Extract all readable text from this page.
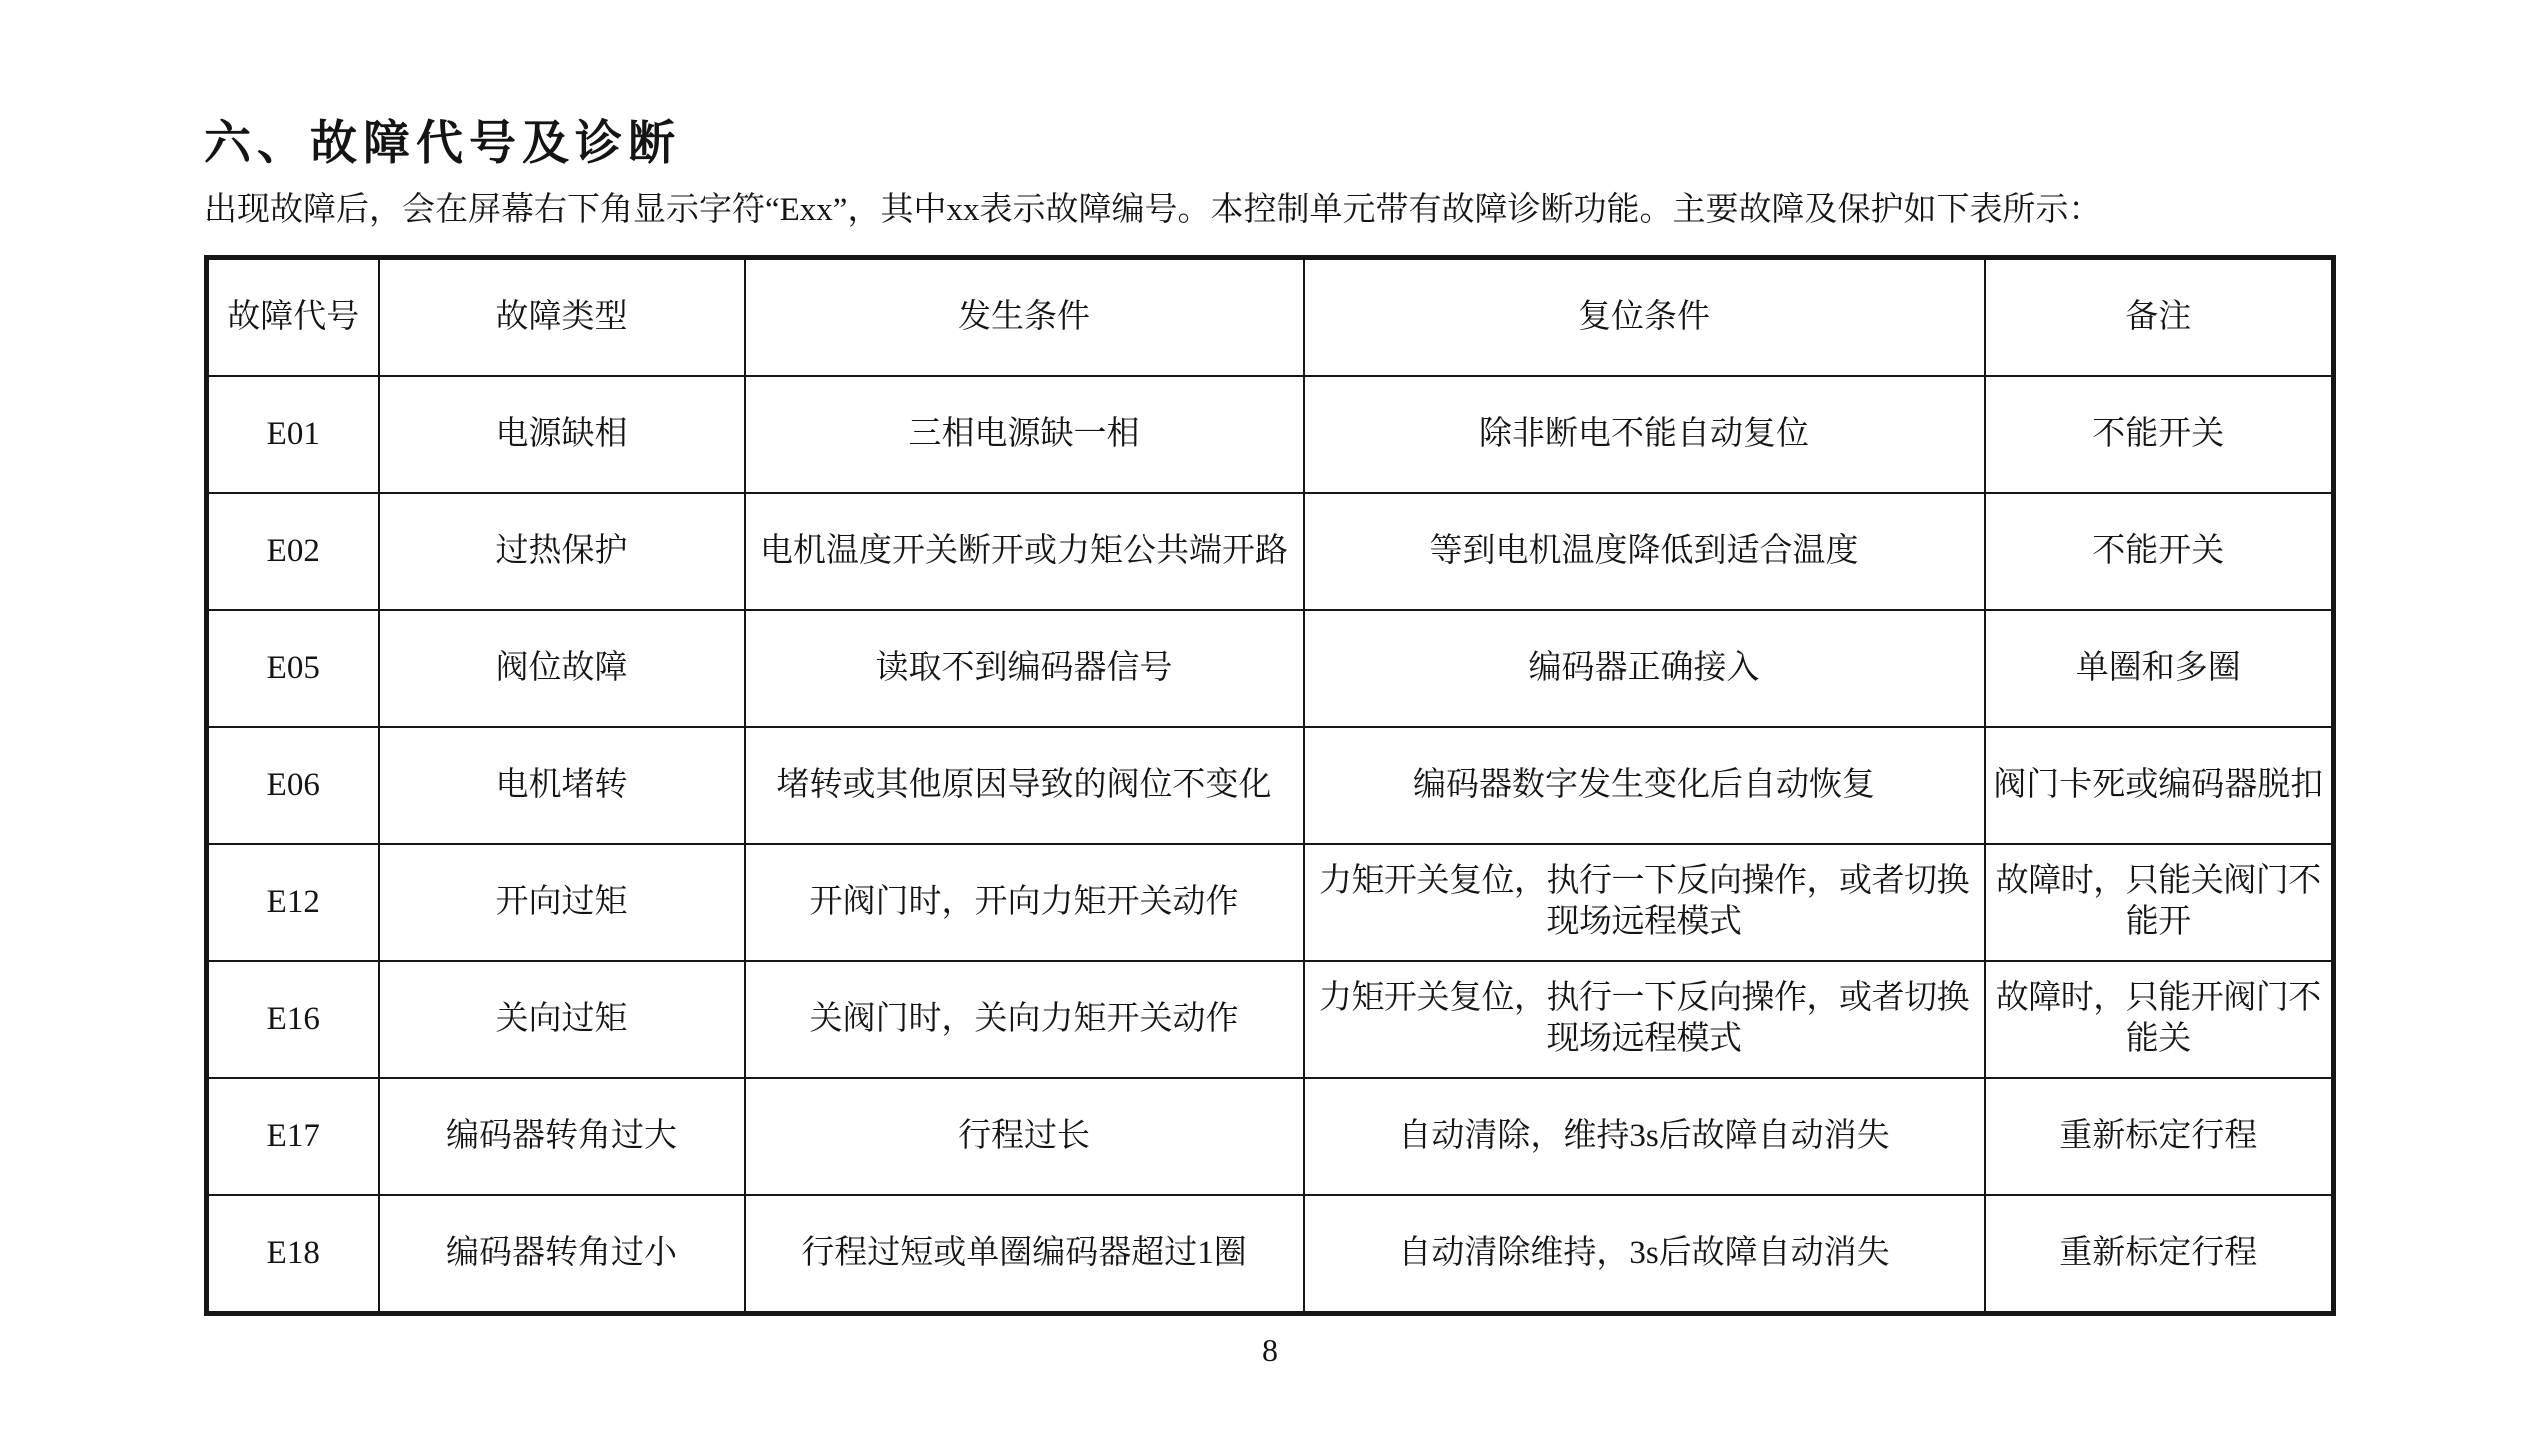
六、故障代号及诊断

出现故障后，会在屏幕右下角显示字符“Exx”，其中xx表示故障编号。本控制单元带有故障诊断功能。主要故障及保护如下表所示：

故障代号	故障类型	发生条件	复位条件	备注
E01	电源缺相	三相电源缺一相	除非断电不能自动复位	不能开关
E02	过热保护	电机温度开关断开或力矩公共端开路	等到电机温度降低到适合温度	不能开关
E05	阀位故障	读取不到编码器信号	编码器正确接入	单圈和多圈
E06	电机堵转	堵转或其他原因导致的阀位不变化	编码器数字发生变化后自动恢复	阀门卡死或编码器脱扣
E12	开向过矩	开阀门时，开向力矩开关动作	力矩开关复位，执行一下反向操作，或者切换现场远程模式	故障时，只能关阀门不能开
E16	关向过矩	关阀门时，关向力矩开关动作	力矩开关复位，执行一下反向操作，或者切换现场远程模式	故障时，只能开阀门不能关
E17	编码器转角过大	行程过长	自动清除，维持3s后故障自动消失	重新标定行程
E18	编码器转角过小	行程过短或单圈编码器超过1圈	自动清除维持，3s后故障自动消失	重新标定行程
8
